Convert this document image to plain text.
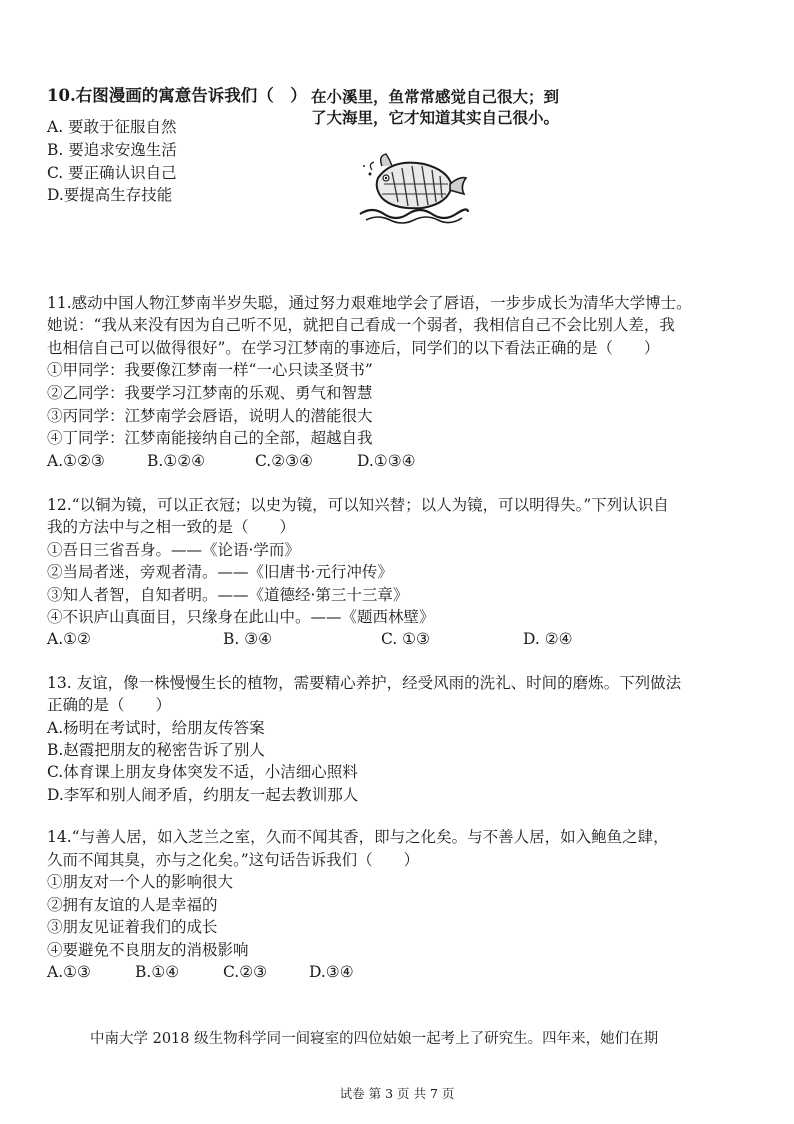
10.右图漫画的寓意告诉我们（　） 在小溪里，鱼常常感觉自己很大；到
了大海里，它才知道其实自己很小。
A. 要敢于征服自然
B. 要追求安逸生活
C. 要正确认识自己
D.要提高生存技能
11.感动中国人物江梦南半岁失聪，通过努力艰难地学会了唇语，一步步成长为清华大学博士。
她说：“我从来没有因为自己听不见，就把自己看成一个弱者，我相信自己不会比别人差，我
也相信自己可以做得很好”。在学习江梦南的事迹后，同学们的以下看法正确的是（　　）
①甲同学：我要像江梦南一样“一心只读圣贤书”
②乙同学：我要学习江梦南的乐观、勇气和智慧
③丙同学：江梦南学会唇语，说明人的潜能很大
④丁同学：江梦南能接纳自己的全部，超越自我
A.①②③	B.①②④	C.②③④	D.①③④
12.“以铜为镜，可以正衣冠；以史为镜，可以知兴替；以人为镜，可以明得失。”下列认识自
我的方法中与之相一致的是（　　）
①吾日三省吾身。——《论语·学而》
②当局者迷，旁观者清。——《旧唐书·元行冲传》
③知人者智，自知者明。——《道德经·第三十三章》
④不识庐山真面目，只缘身在此山中。——《题西林壁》
A.①②	B. ③④	C. ①③	D. ②④
13. 友谊，像一株慢慢生长的植物，需要精心养护，经受风雨的洗礼、时间的磨炼。下列做法
正确的是（　　）
A.杨明在考试时，给朋友传答案
B.赵霞把朋友的秘密告诉了别人
C.体育课上朋友身体突发不适，小洁细心照料
D.李军和别人闹矛盾，约朋友一起去教训那人
14.“与善人居，如入芝兰之室，久而不闻其香，即与之化矣。与不善人居，如入鲍鱼之肆，
久而不闻其臭，亦与之化矣。”这句话告诉我们（　　）
①朋友对一个人的影响很大
②拥有友谊的人是幸福的
③朋友见证着我们的成长
④要避免不良朋友的消极影响
A.①③	B.①④	C.②③	D.③④
中南大学 2018 级生物科学同一间寝室的四位姑娘一起考上了研究生。四年来，她们在期
试卷 第 3 页 共 7 页
